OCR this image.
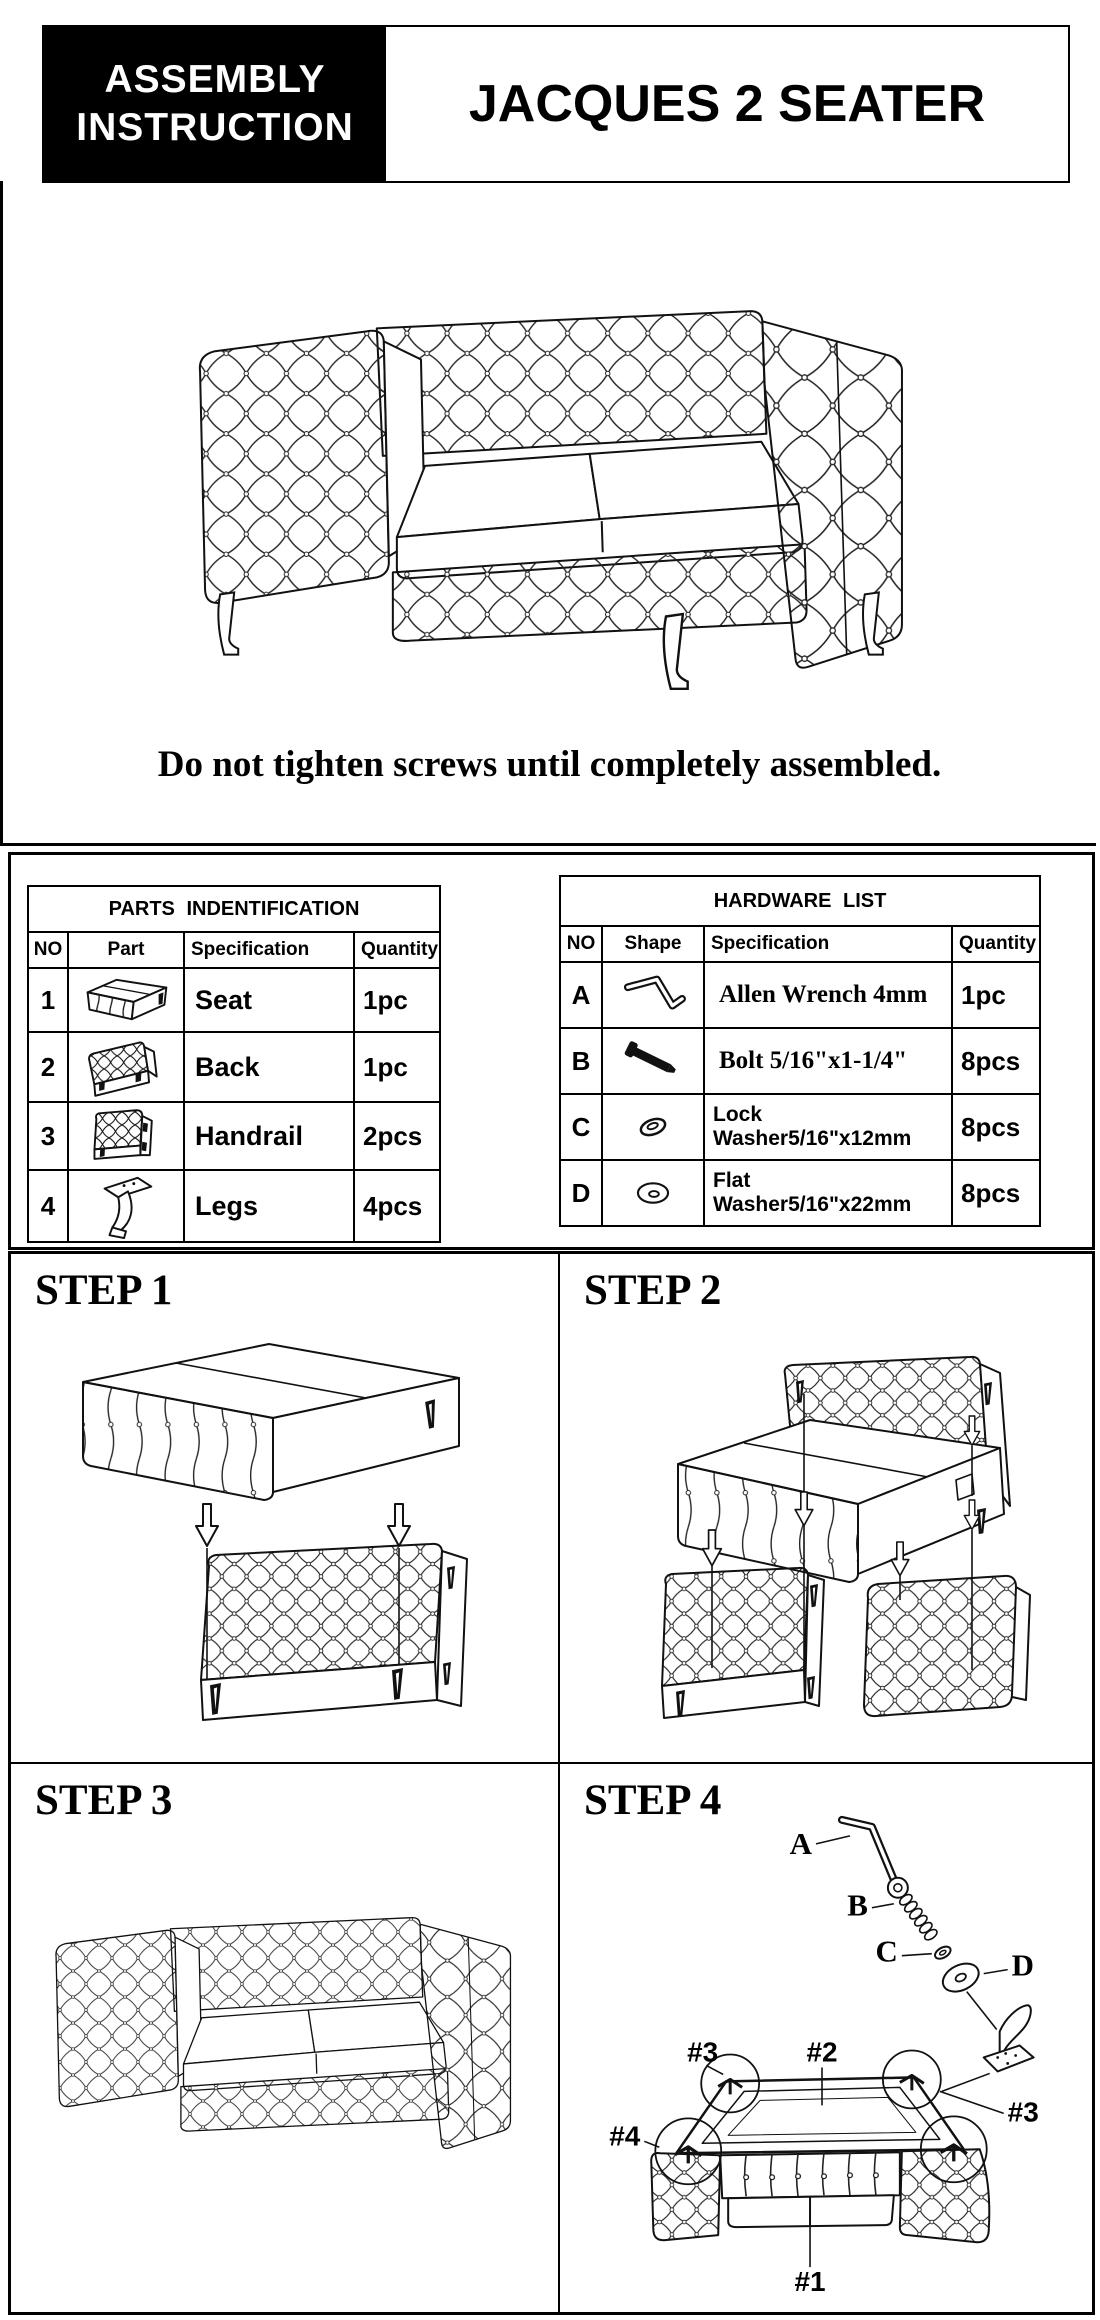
ASSEMBLY
INSTRUCTION	JACQUES 2 SEATER
Do not tighten screws until completely assembled.
PARTS INDENTIFICATION			
NO	Part	Specification	Quantity
1		Seat	1pc
2		Back	1pc
3		Handrail	2pcs
4		Legs	4pcs
HARDWARE LIST			
NO	Shape	Specification	Quantity
A		Allen Wrench 4mm	1pc
B		Bolt 5/16"x1-1/4"	8pcs
C		Lock Washer5/16"x12mm	8pcs
D		Flat Washer5/16"x22mm	8pcs
STEP 1	STEP 2
STEP 3	STEP 4
A
B
C	D
#3	#2
#3
#4
#1
